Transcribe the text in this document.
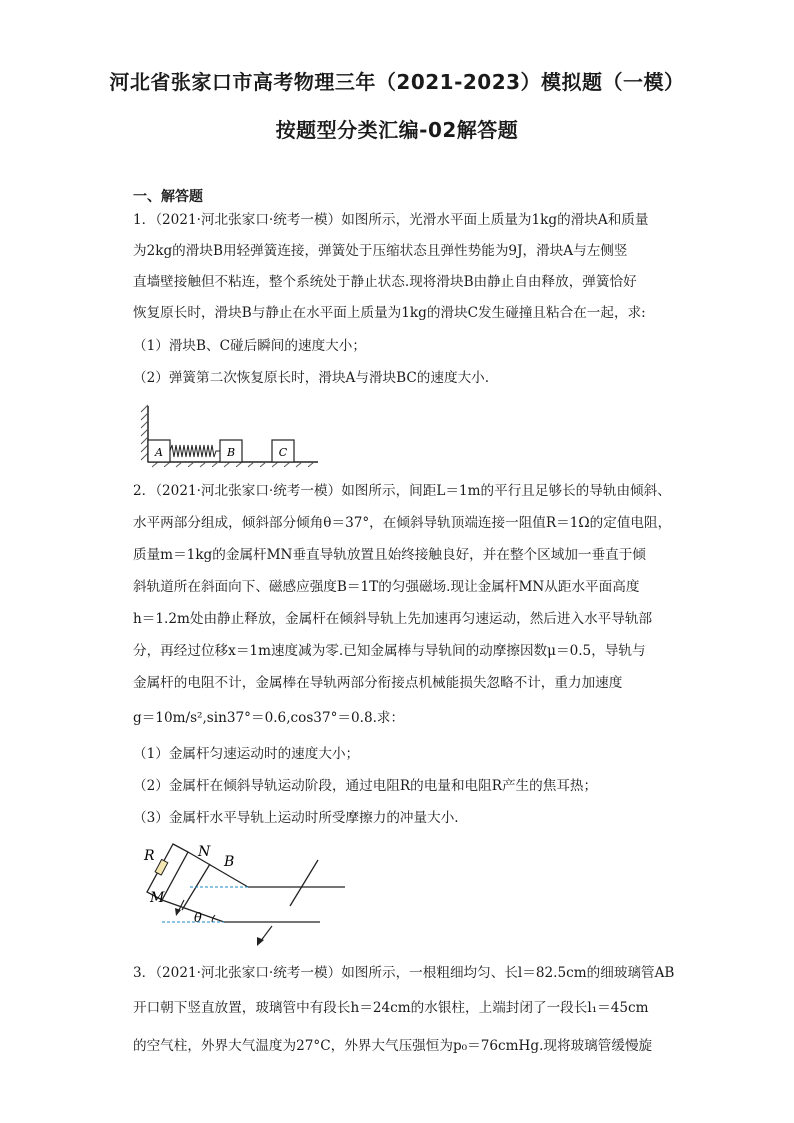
河北省张家口市高考物理三年（2021-2023）模拟题（一模）
按题型分类汇编-02解答题
一、解答题
1．（2021·河北张家口·统考一模）如图所示，光滑水平面上质量为1kg的滑块A和质量
为2kg的滑块B用轻弹簧连接，弹簧处于压缩状态且弹性势能为9J，滑块A与左侧竖
直墙壁接触但不粘连，整个系统处于静止状态.现将滑块B由静止自由释放，弹簧恰好
恢复原长时，滑块B与静止在水平面上质量为1kg的滑块C发生碰撞且粘合在一起，求:
（1）滑块B、C碰后瞬间的速度大小；
（2）弹簧第二次恢复原长时，滑块A与滑块BC的速度大小.
A	B	C
2．（2021·河北张家口·统考一模）如图所示，间距L＝1m的平行且足够长的导轨由倾斜、
水平两部分组成，倾斜部分倾角θ＝37°，在倾斜导轨顶端连接一阻值R＝1Ω的定值电阻，
质量m＝1kg的金属杆MN垂直导轨放置且始终接触良好，并在整个区域加一垂直于倾
斜轨道所在斜面向下、磁感应强度B＝1T的匀强磁场.现让金属杆MN从距水平面高度
h＝1.2m处由静止释放，金属杆在倾斜导轨上先加速再匀速运动，然后进入水平导轨部
分，再经过位移x＝1m速度减为零.已知金属棒与导轨间的动摩擦因数μ＝0.5，导轨与
金属杆的电阻不计，金属棒在导轨两部分衔接点机械能损失忽略不计，重力加速度
g＝10m/s²,sin37°＝0.6,cos37°＝0.8.求：
（1）金属杆匀速运动时的速度大小；
（2）金属杆在倾斜导轨运动阶段，通过电阻R的电量和电阻R产生的焦耳热；
（3）金属杆水平导轨上运动时所受摩擦力的冲量大小.
R	N
B
M
θ
3．（2021·河北张家口·统考一模）如图所示，一根粗细均匀、长l＝82.5cm的细玻璃管AB
开口朝下竖直放置，玻璃管中有段长h＝24cm的水银柱，上端封闭了一段长l₁＝45cm
的空气柱，外界大气温度为27°C，外界大气压强恒为p₀＝76cmHg.现将玻璃管缓慢旋
